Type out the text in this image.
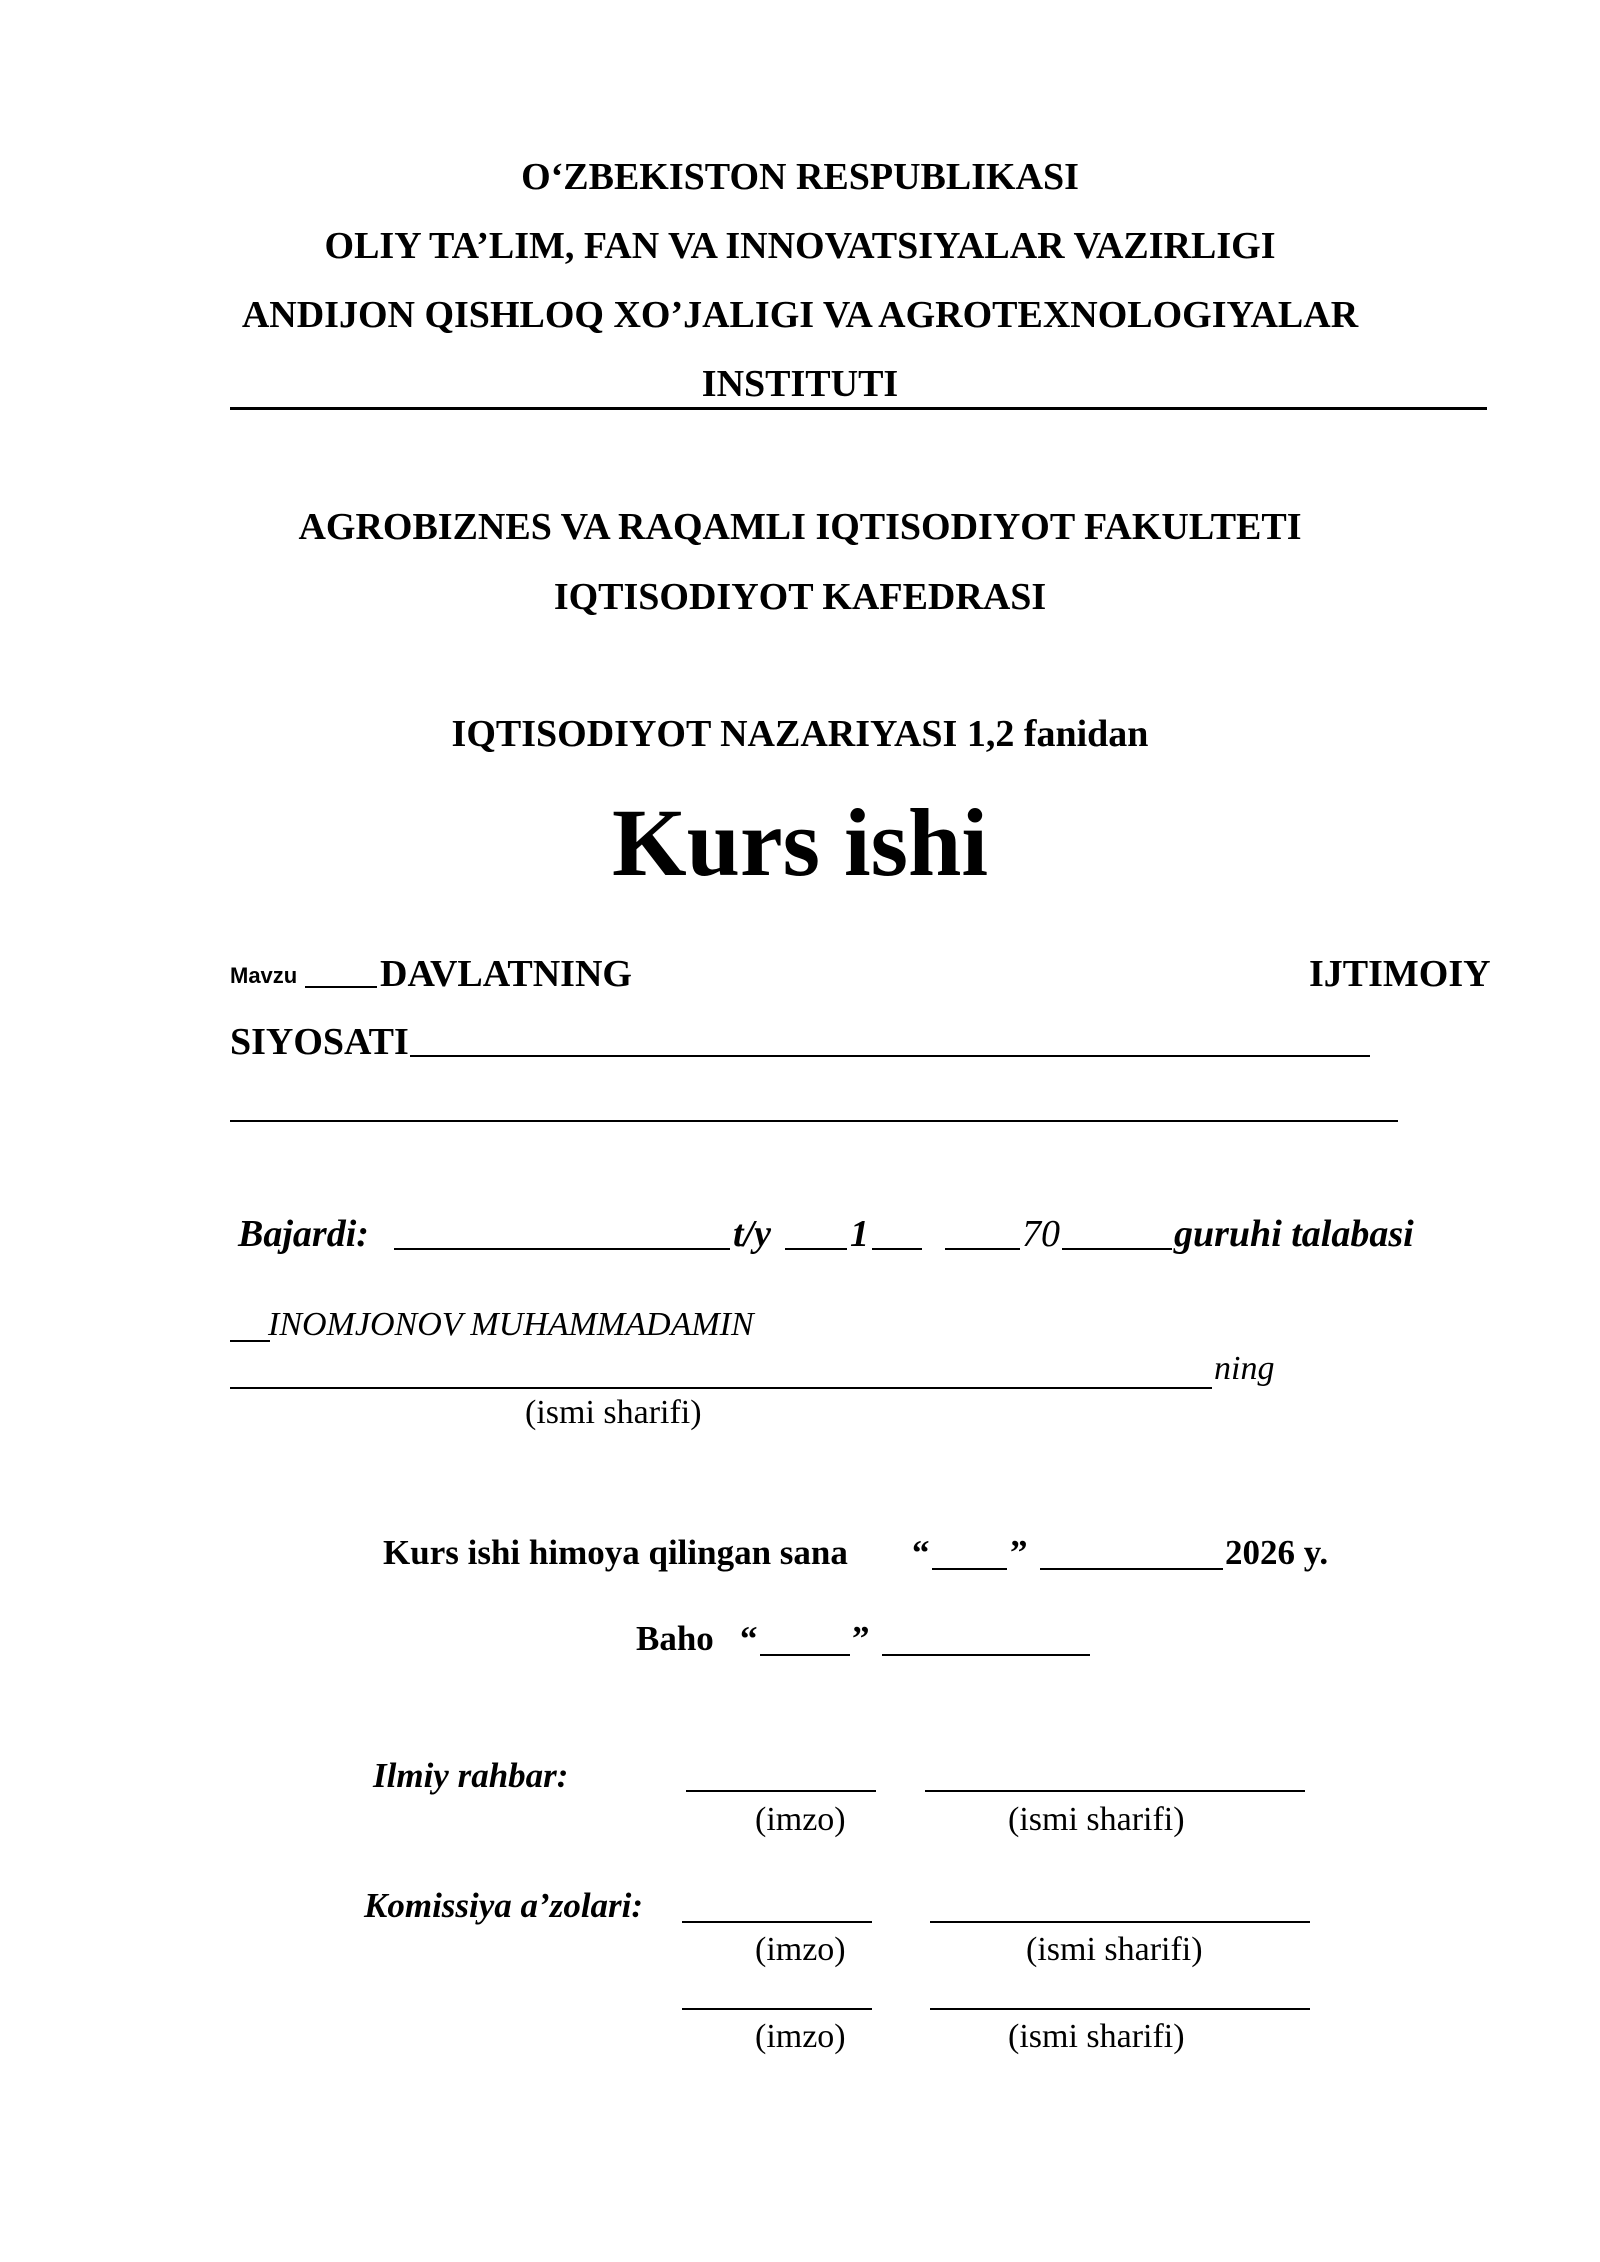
O‘ZBEKISTON RESPUBLIKASI
OLIY TA’LIM, FAN VA INNOVATSIYALAR VAZIRLIGI
ANDIJON QISHLOQ XO’JALIGI VA AGROTEXNOLOGIYALAR
INSTITUTI
AGROBIZNES VA RAQAMLI IQTISODIYOT FAKULTETI
IQTISODIYOT KAFEDRASI
IQTISODIYOT NAZARIYASI 1,2 fanidan
Kurs ishi
Mavzu DAVLATNING	IJTIMOIY
SIYOSATI
Bajardi:	t/y 1	70	guruhi talabasi
INOMJONOV MUHAMMADAMIN
ning
(ismi sharifi)
Kurs ishi himoya qilingan sana “ ”	2026 y.
Baho “	”
Ilmiy rahbar:
(imzo)	(ismi sharifi)
Komissiya a’zolari:
(imzo)	(ismi sharifi)
(imzo)	(ismi sharifi)
